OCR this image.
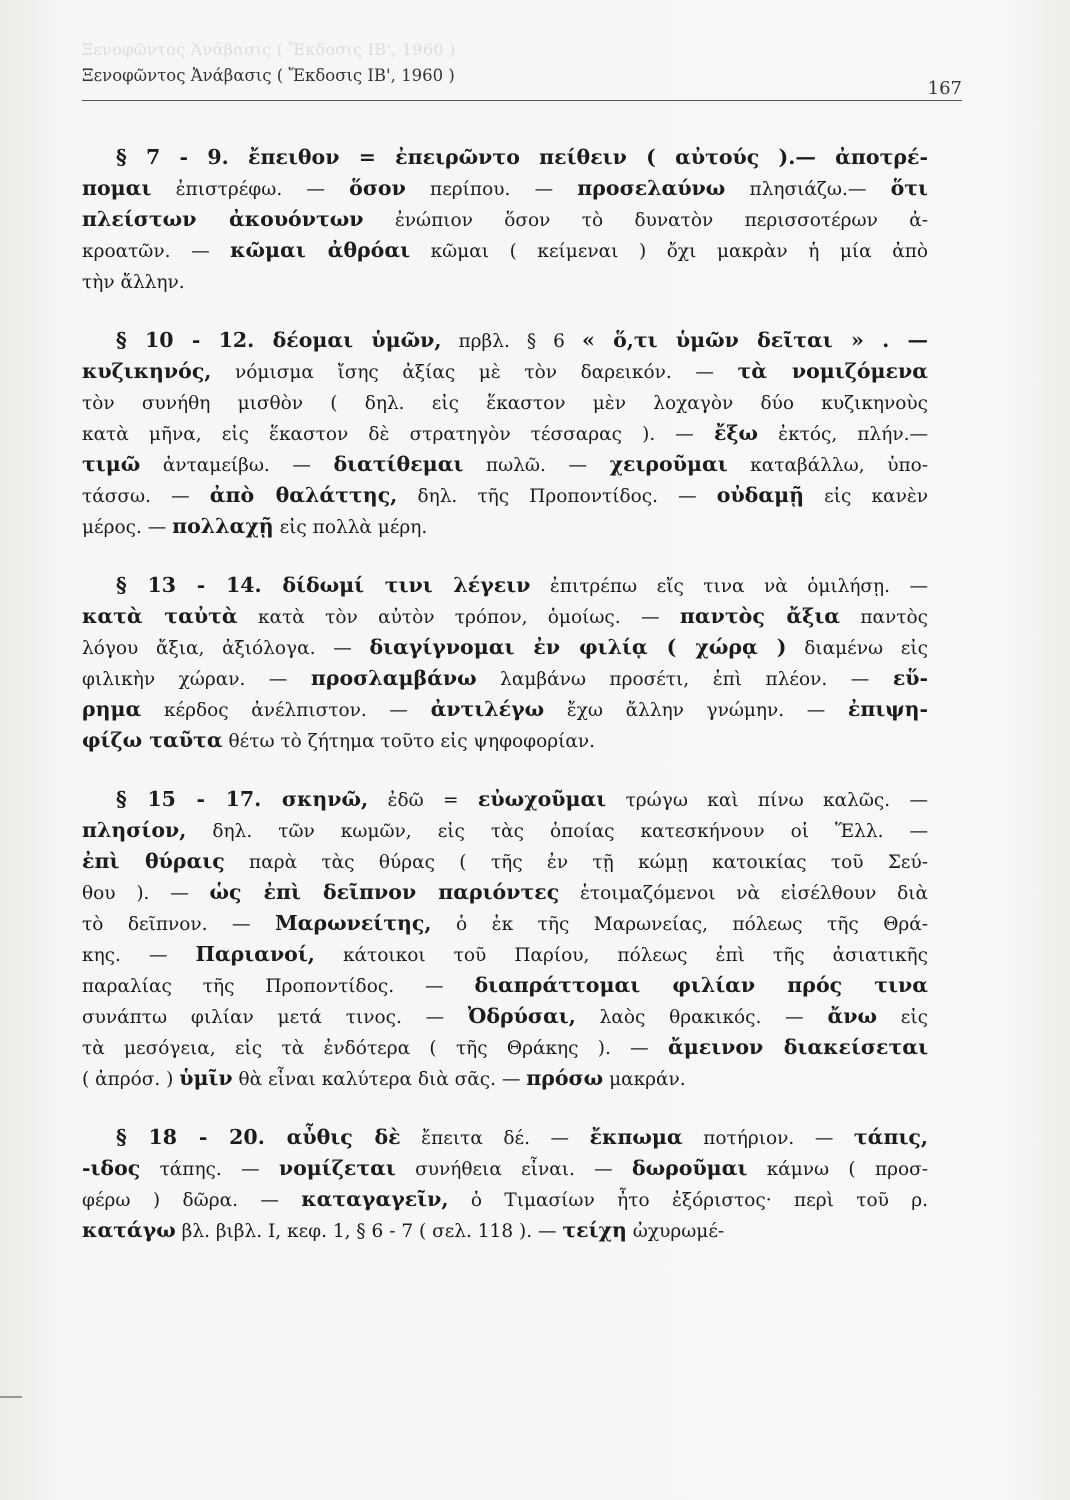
Ξενοφῶντος Ἀνάβασις ( Ἔκδοσις ΙΒ', 1960 )
Ξενοφῶντος Ἀνάβασις ( Ἔκδοσις ΙΒ', 1960 )
167
§ 7 - 9. ἔπειθον = ἐπειρῶντο πείθειν ( αὐτούς ).— ἀποτρέ-
πομαι ἐπιστρέφω. — ὅσον περίπου. — προσελαύνω πλησιάζω.— ὅτι
πλείστων ἀκουόντων ἐνώπιον ὅσον τὸ δυνατὸν περισσοτέρων ἀ-
κροατῶν. — κῶμαι ἀθρόαι κῶμαι ( κείμεναι ) ὄχι μακρὰν ἡ μία ἀπὸ
τὴν ἄλλην.
§ 10 - 12. δέομαι ὑμῶν, πρβλ. § 6 « ὅ,τι ὑμῶν δεῖται » . —
κυζικηνός, νόμισμα ἴσης ἀξίας μὲ τὸν δαρεικόν. — τὰ νομιζόμενα
τὸν συνήθη μισθὸν ( δηλ. εἰς ἕκαστον μὲν λοχαγὸν δύο κυζικηνοὺς
κατὰ μῆνα, εἰς ἕκαστον δὲ στρατηγὸν τέσσαρας ). — ἔξω ἐκτός, πλήν.—
τιμῶ ἀνταμείβω. — διατίθεμαι πωλῶ. — χειροῦμαι καταβάλλω, ὑπο-
τάσσω. — ἀπὸ θαλάττης, δηλ. τῆς Προποντίδος. — οὐδαμῇ εἰς κανὲν
μέρος. — πολλαχῇ εἰς πολλὰ μέρη.
§ 13 - 14. δίδωμί τινι λέγειν ἐπιτρέπω εἴς τινα νὰ ὁμιλήσῃ. —
κατὰ ταὐτὰ κατὰ τὸν αὐτὸν τρόπον, ὁμοίως. — παντὸς ἄξια παντὸς
λόγου ἄξια, ἀξιόλογα. — διαγίγνομαι ἐν φιλίᾳ ( χώρᾳ ) διαμένω εἰς
φιλικὴν χώραν. — προσλαμβάνω λαμβάνω προσέτι, ἐπὶ πλέον. — εὕ-
ρημα κέρδος ἀνέλπιστον. — ἀντιλέγω ἔχω ἄλλην γνώμην. — ἐπιψη-
φίζω ταῦτα θέτω τὸ ζήτημα τοῦτο εἰς ψηφοφορίαν.
§ 15 - 17. σκηνῶ, ἐδῶ = εὐωχοῦμαι τρώγω καὶ πίνω καλῶς. —
πλησίον, δηλ. τῶν κωμῶν, εἰς τὰς ὁποίας κατεσκήνουν οἱ Ἕλλ. —
ἐπὶ θύραις παρὰ τὰς θύρας ( τῆς ἐν τῇ κώμῃ κατοικίας τοῦ Σεύ-
θου ). — ὡς ἐπὶ δεῖπνον παριόντες ἑτοιμαζόμενοι νὰ εἰσέλθουν διὰ
τὸ δεῖπνον. — Μαρωνείτης, ὁ ἐκ τῆς Μαρωνείας, πόλεως τῆς Θρά-
κης. — Παριανοί, κάτοικοι τοῦ Παρίου, πόλεως ἐπὶ τῆς ἀσιατικῆς
παραλίας τῆς Προποντίδος. — διαπράττομαι φιλίαν πρός τινα
συνάπτω φιλίαν μετά τινος. — Ὀδρύσαι, λαὸς θρακικός. — ἄνω εἰς
τὰ μεσόγεια, εἰς τὰ ἐνδότερα ( τῆς Θράκης ). — ἄμεινον διακείσεται
( ἀπρόσ. ) ὑμῖν θὰ εἶναι καλύτερα διὰ σᾶς. — πρόσω μακράν.
§ 18 - 20. αὖθις δὲ ἔπειτα δέ. — ἔκπωμα ποτήριον. — τάπις,
-ιδος τάπης. — νομίζεται συνήθεια εἶναι. — δωροῦμαι κάμνω ( προσ-
φέρω ) δῶρα. — καταγαγεῖν, ὁ Τιμασίων ἦτο ἐξόριστος· περὶ τοῦ ρ.
κατάγω βλ. βιβλ. Ι, κεφ. 1, § 6 - 7 ( σελ. 118 ). — τείχη ὠχυρωμέ-
